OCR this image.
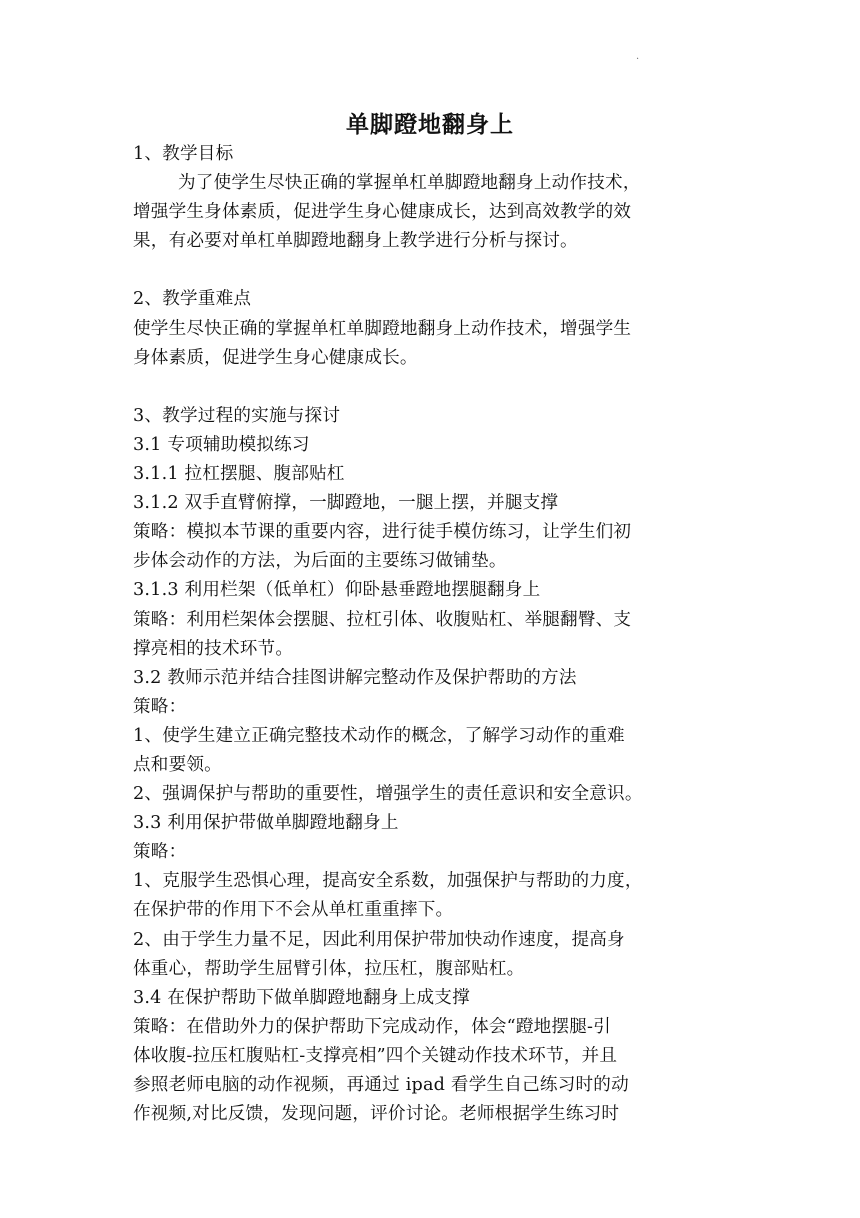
·
单脚蹬地翻身上
1、教学目标
为了使学生尽快正确的掌握单杠单脚蹬地翻身上动作技术，
增强学生身体素质，促进学生身心健康成长，达到高效教学的效
果，有必要对单杠单脚蹬地翻身上教学进行分析与探讨。
2、教学重难点
使学生尽快正确的掌握单杠单脚蹬地翻身上动作技术，增强学生
身体素质，促进学生身心健康成长。
3、教学过程的实施与探讨
3.1 专项辅助模拟练习
3.1.1 拉杠摆腿、腹部贴杠
3.1.2 双手直臂俯撑，一脚蹬地，一腿上摆，并腿支撑
策略：模拟本节课的重要内容，进行徒手模仿练习，让学生们初
步体会动作的方法，为后面的主要练习做铺垫。
3.1.3 利用栏架（低单杠）仰卧悬垂蹬地摆腿翻身上
策略：利用栏架体会摆腿、拉杠引体、收腹贴杠、举腿翻臀、支
撑亮相的技术环节。
3.2 教师示范并结合挂图讲解完整动作及保护帮助的方法
策略：
1、使学生建立正确完整技术动作的概念，了解学习动作的重难
点和要领。
2、强调保护与帮助的重要性，增强学生的责任意识和安全意识。
3.3 利用保护带做单脚蹬地翻身上
策略：
1、克服学生恐惧心理，提高安全系数，加强保护与帮助的力度，
在保护带的作用下不会从单杠重重摔下。
2、由于学生力量不足，因此利用保护带加快动作速度，提高身
体重心，帮助学生屈臂引体，拉压杠，腹部贴杠。
3.4 在保护帮助下做单脚蹬地翻身上成支撑
策略：在借助外力的保护帮助下完成动作，体会“蹬地摆腿-引
体收腹-拉压杠腹贴杠-支撑亮相”四个关键动作技术环节，并且
参照老师电脑的动作视频，再通过 ipad 看学生自己练习时的动
作视频,对比反馈，发现问题，评价讨论。老师根据学生练习时
